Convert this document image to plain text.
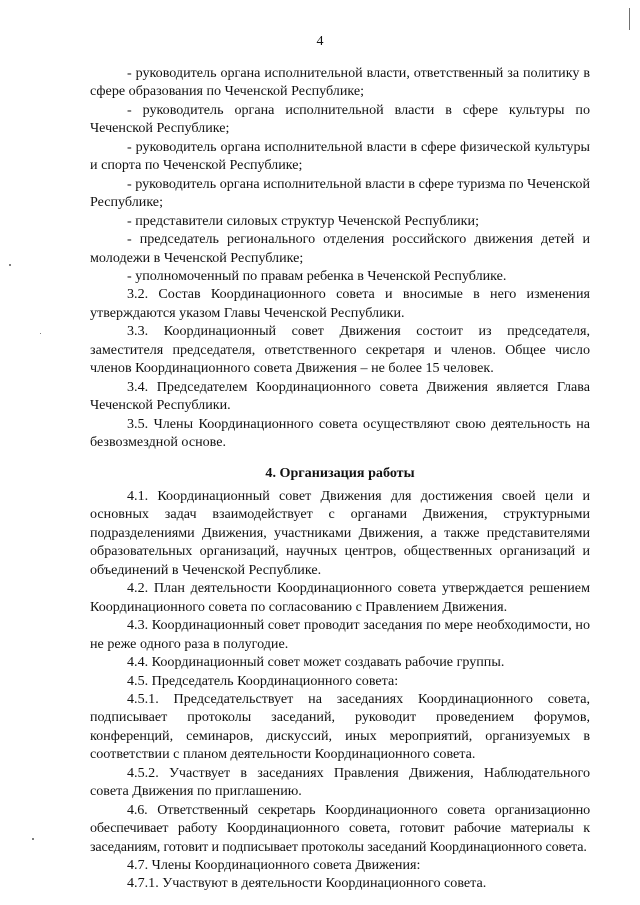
4

- руководитель органа исполнительной власти, ответственный за политику в сфере образования по Чеченской Республике;

- руководитель органа исполнительной власти в сфере культуры по Чеченской Республике;

- руководитель органа исполнительной власти в сфере физической культуры и спорта по Чеченской Республике;

- руководитель органа исполнительной власти в сфере туризма по Чеченской Республике;

- представители силовых структур Чеченской Республики;

- председатель регионального отделения российского движения детей и молодежи в Чеченской Республике;

- уполномоченный по правам ребенка в Чеченской Республике.

3.2. Состав Координационного совета и вносимые в него изменения утверждаются указом Главы Чеченской Республики.

3.3. Координационный совет Движения состоит из председателя, заместителя председателя, ответственного секретаря и членов. Общее число членов Координационного совета Движения – не более 15 человек.

3.4. Председателем Координационного совета Движения является Глава Чеченской Республики.

3.5. Члены Координационного совета осуществляют свою деятельность на безвозмездной основе.

4. Организация работы

4.1. Координационный совет Движения для достижения своей цели и основных задач взаимодействует с органами Движения, структурными подразделениями Движения, участниками Движения, а также представителями образовательных организаций, научных центров, общественных организаций и объединений в Чеченской Республике.

4.2. План деятельности Координационного совета утверждается решением Координационного совета по согласованию с Правлением Движения.

4.3. Координационный совет проводит заседания по мере необходимости, но не реже одного раза в полугодие.

4.4. Координационный совет может создавать рабочие группы.

4.5. Председатель Координационного совета:

4.5.1. Председательствует на заседаниях Координационного совета, подписывает протоколы заседаний, руководит проведением форумов, конференций, семинаров, дискуссий, иных мероприятий, организуемых в соответствии с планом деятельности Координационного совета.

4.5.2. Участвует в заседаниях Правления Движения, Наблюдательного совета Движения по приглашению.

4.6. Ответственный секретарь Координационного совета организационно обеспечивает работу Координационного совета, готовит рабочие материалы к заседаниям, готовит и подписывает протоколы заседаний Координационного совета.

4.7. Члены Координационного совета Движения:

4.7.1. Участвуют в деятельности Координационного совета.
